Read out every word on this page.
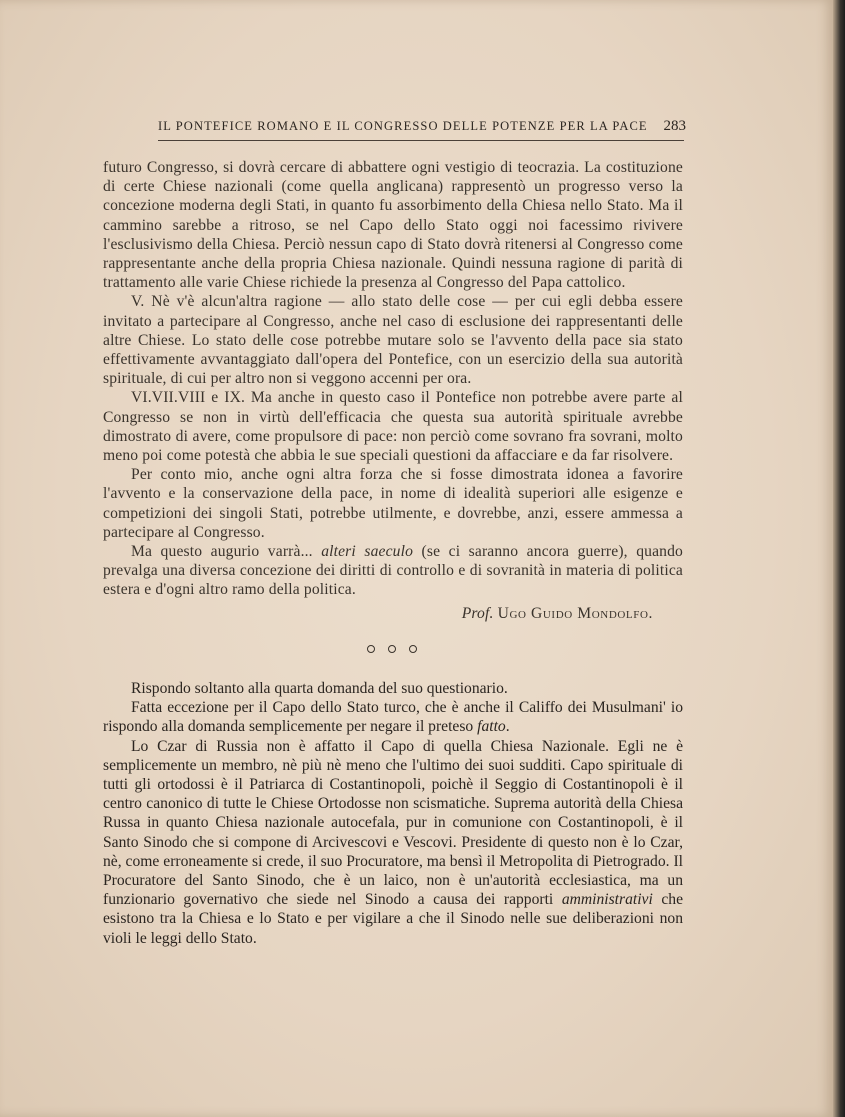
IL PONTEFICE ROMANO E IL CONGRESSO DELLE POTENZE PER LA PACE 283

futuro Congresso, si dovrà cercare di abbattere ogni vestigio di teocrazia. La costituzione di certe Chiese nazionali (come quella anglicana) rappresentò un progresso verso la concezione moderna degli Stati, in quanto fu assorbimento della Chiesa nello Stato. Ma il cammino sarebbe a ritroso, se nel Capo dello Stato oggi noi facessimo rivivere l'esclusivismo della Chiesa. Perciò nessun capo di Stato dovrà ritenersi al Congresso come rappresentante anche della propria Chiesa nazionale. Quindi nessuna ragione di parità di trattamento alle varie Chiese richiede la presenza al Congresso del Papa cattolico.

V. Nè v'è alcun'altra ragione — allo stato delle cose — per cui egli debba essere invitato a partecipare al Congresso, anche nel caso di esclusione dei rappresentanti delle altre Chiese. Lo stato delle cose potrebbe mutare solo se l'avvento della pace sia stato effettivamente avvantaggiato dall'opera del Pontefice, con un esercizio della sua autorità spirituale, di cui per altro non si veggono accenni per ora.

VI.VII.VIII e IX. Ma anche in questo caso il Pontefice non potrebbe avere parte al Congresso se non in virtù dell'efficacia che questa sua autorità spirituale avrebbe dimostrato di avere, come propulsore di pace: non perciò come sovrano fra sovrani, molto meno poi come potestà che abbia le sue speciali questioni da affacciare e da far risolvere.

Per conto mio, anche ogni altra forza che si fosse dimostrata idonea a favorire l'avvento e la conservazione della pace, in nome di idealità superiori alle esigenze e competizioni dei singoli Stati, potrebbe utilmente, e dovrebbe, anzi, essere ammessa a partecipare al Congresso.

Ma questo augurio varrà... alteri saeculo (se ci saranno ancora guerre), quando prevalga una diversa concezione dei diritti di controllo e di sovranità in materia di politica estera e d'ogni altro ramo della politica.

Prof. Ugo Guido Mondolfo.

Rispondo soltanto alla quarta domanda del suo questionario.

Fatta eccezione per il Capo dello Stato turco, che è anche il Califfo dei Musulmani' io rispondo alla domanda semplicemente per negare il preteso fatto.

Lo Czar di Russia non è affatto il Capo di quella Chiesa Nazionale. Egli ne è semplicemente un membro, nè più nè meno che l'ultimo dei suoi sudditi. Capo spirituale di tutti gli ortodossi è il Patriarca di Costantinopoli, poichè il Seggio di Costantinopoli è il centro canonico di tutte le Chiese Ortodosse non scismatiche. Suprema autorità della Chiesa Russa in quanto Chiesa nazionale autocefala, pur in comunione con Costantinopoli, è il Santo Sinodo che si compone di Arcivescovi e Vescovi. Presidente di questo non è lo Czar, nè, come erroneamente si crede, il suo Procuratore, ma bensì il Metropolita di Pietrogrado. Il Procuratore del Santo Sinodo, che è un laico, non è un'autorità ecclesiastica, ma un funzionario governativo che siede nel Sinodo a causa dei rapporti amministrativi che esistono tra la Chiesa e lo Stato e per vigilare a che il Sinodo nelle sue deliberazioni non violi le leggi dello Stato.
